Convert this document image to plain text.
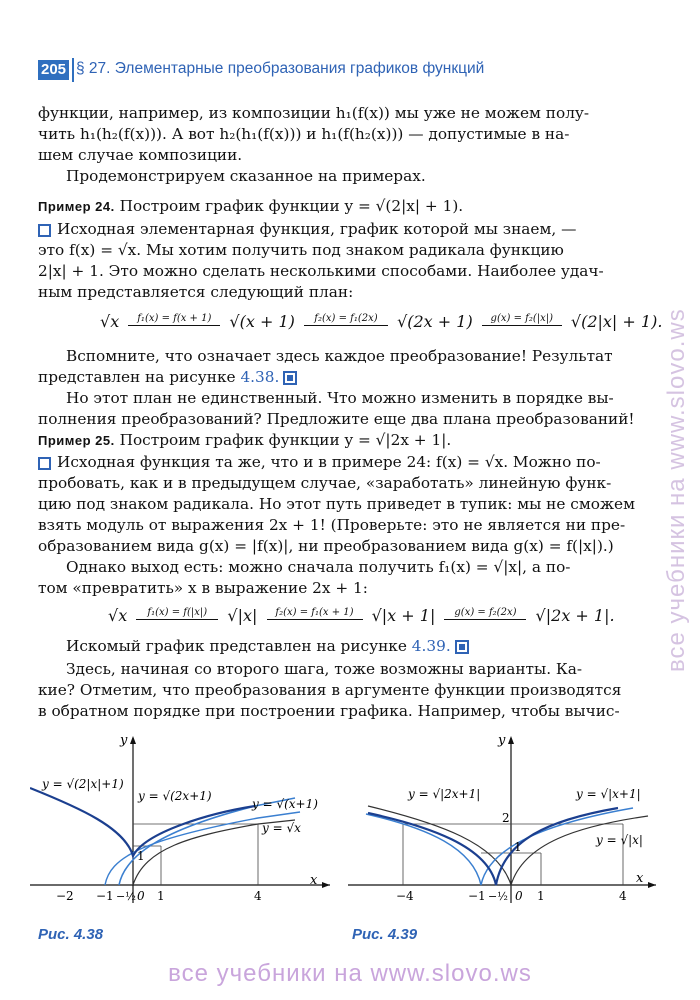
205 § 27. Элементарные преобразования графиков функций
функции, например, из композиции h₁(f(x)) мы уже не можем полу-
чить h₁(h₂(f(x))). А вот h₂(h₁(f(x))) и h₁(f(h₂(x))) — допустимые в на-
шем случае композиции.
Продемонстрируем сказанное на примерах.
Пример 24. Построим график функции y = √(2|x| + 1).
Исходная элементарная функция, график которой мы знаем, —
это f(x) = √x. Мы хотим получить под знаком радикала функцию
2|x| + 1. Это можно сделать несколькими способами. Наиболее удач-
ным представляется следующий план:
√x f₁(x) = f(x + 1) √(x + 1) f₂(x) = f₁(2x) √(2x + 1) g(x) = f₂(|x|) √(2|x| + 1).
Вспомните, что означает здесь каждое преобразование! Результат
представлен на рисунке 4.38.
Но этот план не единственный. Что можно изменить в порядке вы-
полнения преобразований? Предложите еще два плана преобразований!
Пример 25. Построим график функции y = √|2x + 1|.
Исходная функция та же, что и в примере 24: f(x) = √x. Можно по-
пробовать, как и в предыдущем случае, «заработать» линейную функ-
цию под знаком радикала. Но этот путь приведет в тупик: мы не сможем
взять модуль от выражения 2x + 1! (Проверьте: это не является ни пре-
образованием вида g(x) = |f(x)|, ни преобразованием вида g(x) = f(|x|).)
Однако выход есть: можно сначала получить f₁(x) = √|x|, а по-
том «превратить» x в выражение 2x + 1:
√x f₁(x) = f(|x|) √|x| f₂(x) = f₁(x + 1) √|x + 1| g(x) = f₂(2x) √|2x + 1|.
Искомый график представлен на рисунке 4.39.
Здесь, начиная со второго шага, тоже возможны варианты. Ка-
кие? Отметим, что преобразования в аргументе функции производятся
в обратном порядке при построении графика. Например, чтобы вычис-
x
y
y = √(2|x|+1)
y = √(2x+1)
y = √(x+1)
y = √x
−2 −1 −½ 0 1	4
1
Рис. 4.38
x
y
y = √|2x+1|	y = √|x+1|
y = √|x|
−4	−1 −½ 0 1	4
1
2
Рис. 4.39
все учебники на www.slovo.ws
все учебники на www.slovo.ws
